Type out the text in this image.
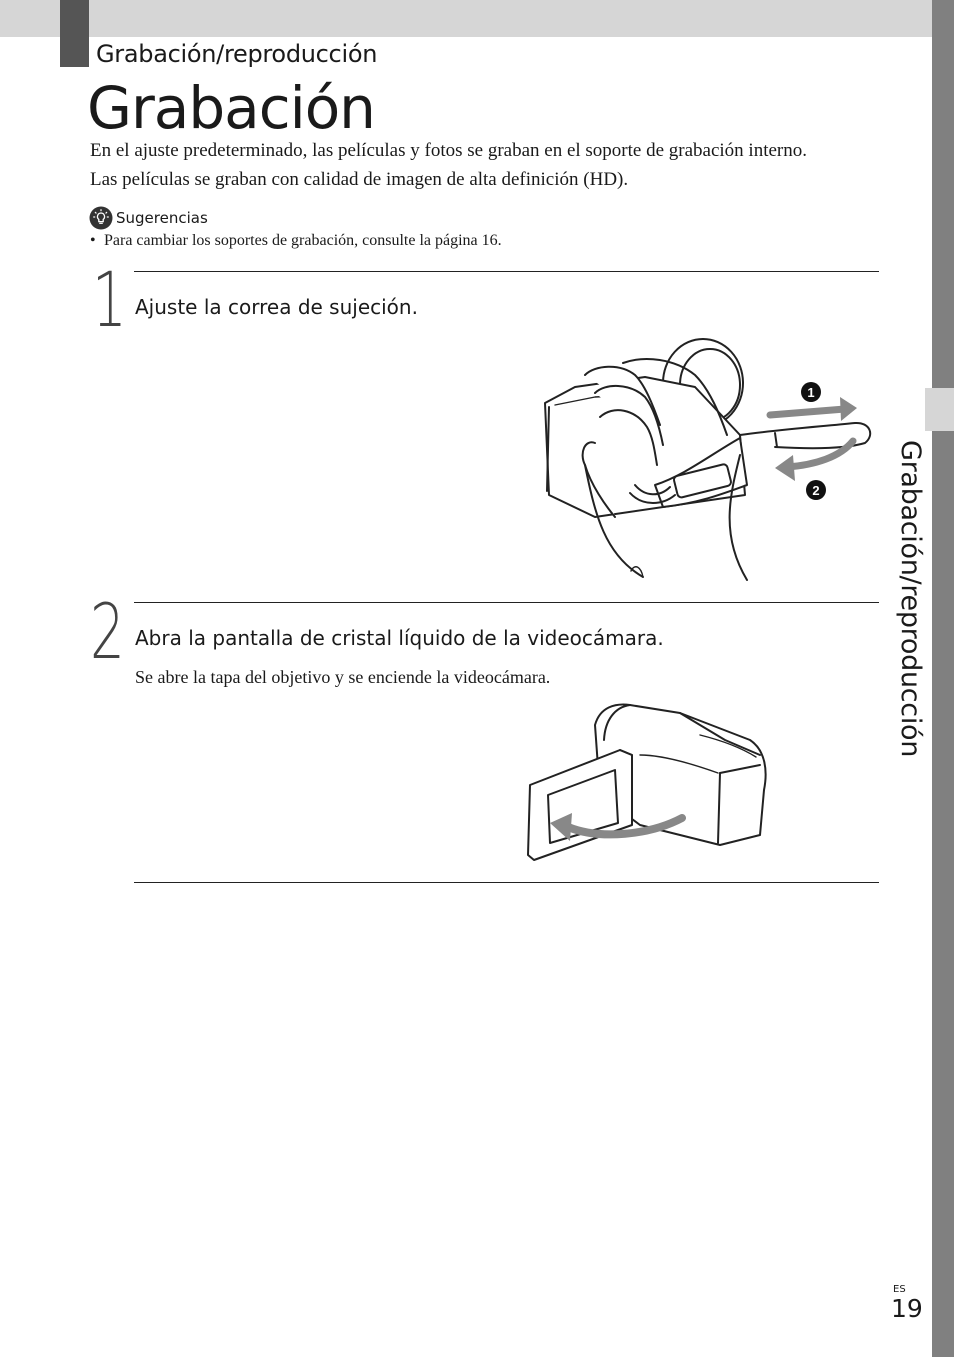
Grabación/reproducción
Grabación/reproducción
Grabación

En el ajuste predeterminado, las películas y fotos se graban en el soporte de grabación interno.

Las películas se graban con calidad de imagen de alta definición (HD).

Sugerencias
• Para cambiar los soportes de grabación, consulte la página 16.
1 Ajuste la correa de sujeción.
1
2
2 Abra la pantalla de cristal líquido de la videocámara.
Se abre la tapa del objetivo y se enciende la videocámara.
ES
19
